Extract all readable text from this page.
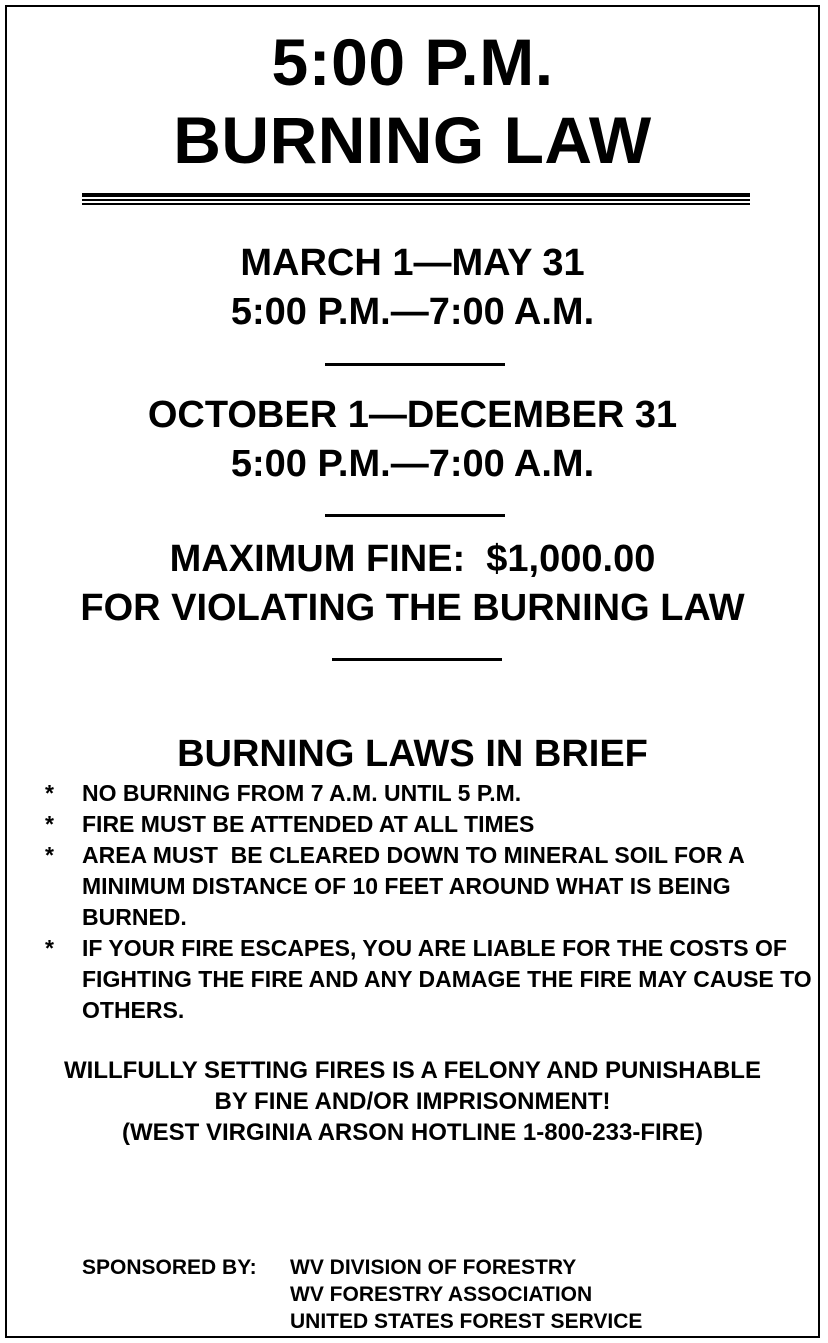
5:00 P.M.
BURNING LAW
MARCH 1—MAY 31
5:00 P.M.—7:00 A.M.
OCTOBER 1—DECEMBER 31
5:00 P.M.—7:00 A.M.
MAXIMUM FINE:  $1,000.00
FOR VIOLATING THE BURNING LAW
BURNING LAWS IN BRIEF
* NO BURNING FROM 7 A.M. UNTIL 5 P.M.
* FIRE MUST BE ATTENDED AT ALL TIMES
* AREA MUST  BE CLEARED DOWN TO MINERAL SOIL FOR A MINIMUM DISTANCE OF 10 FEET AROUND WHAT IS BEING BURNED.
* IF YOUR FIRE ESCAPES, YOU ARE LIABLE FOR THE COSTS OF FIGHTING THE FIRE AND ANY DAMAGE THE FIRE MAY CAUSE TO OTHERS.
WILLFULLY SETTING FIRES IS A FELONY AND PUNISHABLE
BY FINE AND/OR IMPRISONMENT!
(WEST VIRGINIA ARSON HOTLINE 1-800-233-FIRE)
SPONSORED BY: WV DIVISION OF FORESTRY
WV FORESTRY ASSOCIATION
UNITED STATES FOREST SERVICE
